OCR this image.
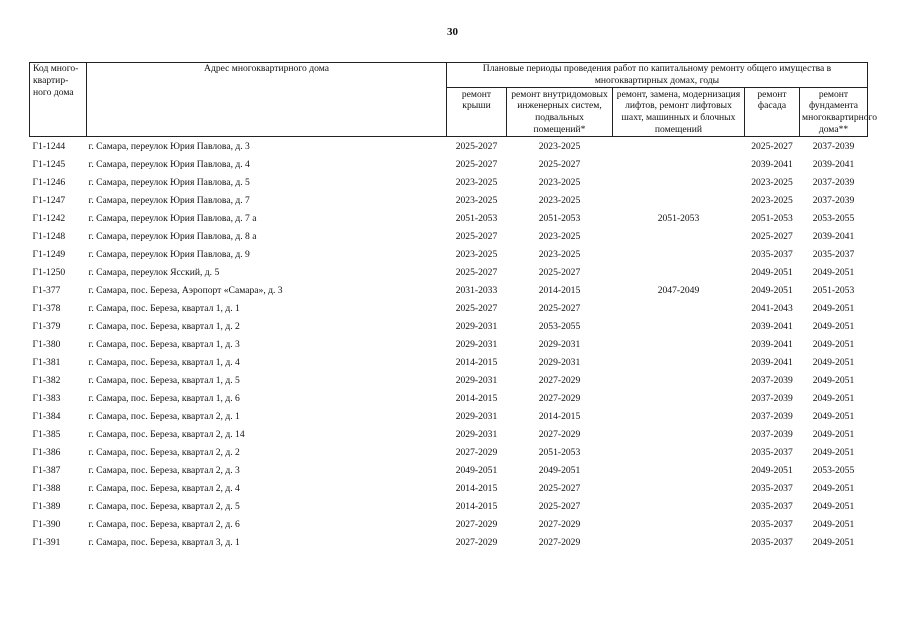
30
Код много-квартир-ного дома	Адрес многоквартирного дома	Плановые периоды проведения работ по капитальному ремонту общего имущества в многоквартирных домах, годы				
		ремонт крыши	ремонт внутридомовых инженерных систем, подвальных помещений*	ремонт, замена, модернизация лифтов, ремонт лифтовых шахт, машинных и блочных помещений	ремонт фасада	ремонт фундамента многоквартирного дома**
Г1-1244	г. Самара, переулок Юрия Павлова, д. 3	2025-2027	2023-2025		2025-2027	2037-2039
Г1-1245	г. Самара, переулок Юрия Павлова, д. 4	2025-2027	2025-2027		2039-2041	2039-2041
Г1-1246	г. Самара, переулок Юрия Павлова, д. 5	2023-2025	2023-2025		2023-2025	2037-2039
Г1-1247	г. Самара, переулок Юрия Павлова, д. 7	2023-2025	2023-2025		2023-2025	2037-2039
Г1-1242	г. Самара, переулок Юрия Павлова, д. 7 а	2051-2053	2051-2053	2051-2053	2051-2053	2053-2055
Г1-1248	г. Самара, переулок Юрия Павлова, д. 8 а	2025-2027	2023-2025		2025-2027	2039-2041
Г1-1249	г. Самара, переулок Юрия Павлова, д. 9	2023-2025	2023-2025		2035-2037	2035-2037
Г1-1250	г. Самара, переулок Ясский, д. 5	2025-2027	2025-2027		2049-2051	2049-2051
Г1-377	г. Самара, пос. Береза, Аэропорт «Самара», д. 3	2031-2033	2014-2015	2047-2049	2049-2051	2051-2053
Г1-378	г. Самара, пос. Береза, квартал 1, д. 1	2025-2027	2025-2027		2041-2043	2049-2051
Г1-379	г. Самара, пос. Береза, квартал 1, д. 2	2029-2031	2053-2055		2039-2041	2049-2051
Г1-380	г. Самара, пос. Береза, квартал 1, д. 3	2029-2031	2029-2031		2039-2041	2049-2051
Г1-381	г. Самара, пос. Береза, квартал 1, д. 4	2014-2015	2029-2031		2039-2041	2049-2051
Г1-382	г. Самара, пос. Береза, квартал 1, д. 5	2029-2031	2027-2029		2037-2039	2049-2051
Г1-383	г. Самара, пос. Береза, квартал 1, д. 6	2014-2015	2027-2029		2037-2039	2049-2051
Г1-384	г. Самара, пос. Береза, квартал 2, д. 1	2029-2031	2014-2015		2037-2039	2049-2051
Г1-385	г. Самара, пос. Береза, квартал 2, д. 14	2029-2031	2027-2029		2037-2039	2049-2051
Г1-386	г. Самара, пос. Береза, квартал 2, д. 2	2027-2029	2051-2053		2035-2037	2049-2051
Г1-387	г. Самара, пос. Береза, квартал 2, д. 3	2049-2051	2049-2051		2049-2051	2053-2055
Г1-388	г. Самара, пос. Береза, квартал 2, д. 4	2014-2015	2025-2027		2035-2037	2049-2051
Г1-389	г. Самара, пос. Береза, квартал 2, д. 5	2014-2015	2025-2027		2035-2037	2049-2051
Г1-390	г. Самара, пос. Береза, квартал 2, д. 6	2027-2029	2027-2029		2035-2037	2049-2051
Г1-391	г. Самара, пос. Береза, квартал 3, д. 1	2027-2029	2027-2029		2035-2037	2049-2051
